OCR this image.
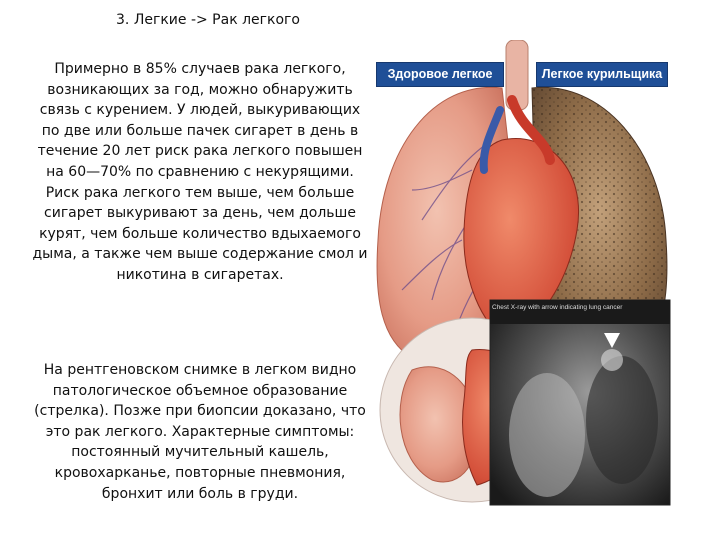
3. Легкие -> Рак легкого
Примерно в 85% случаев рака легкого, возникающих за год, можно обнаружить связь с курением. У людей, выкуривающих по две или больше пачек сигарет в день в течение 20 лет риск рака легкого повышен на 60—70% по сравнению с некурящими. Риск рака легкого тем выше, чем больше сигарет выкуривают за день, чем дольше курят, чем больше количество вдыхаемого дыма, а также чем выше содержание смол и никотина в сигаретах.
На рентгеновском снимке в легком видно патологическое объемное образование (стрелка). Позже при биопсии доказано, что это рак легкого. Характерные симптомы: постоянный мучительный кашель, кровохарканье, повторные пневмония, бронхит или боль в груди.
Здоровое легкое	Легкое курильщика
Chest X-ray with arrow indicating lung cancer
